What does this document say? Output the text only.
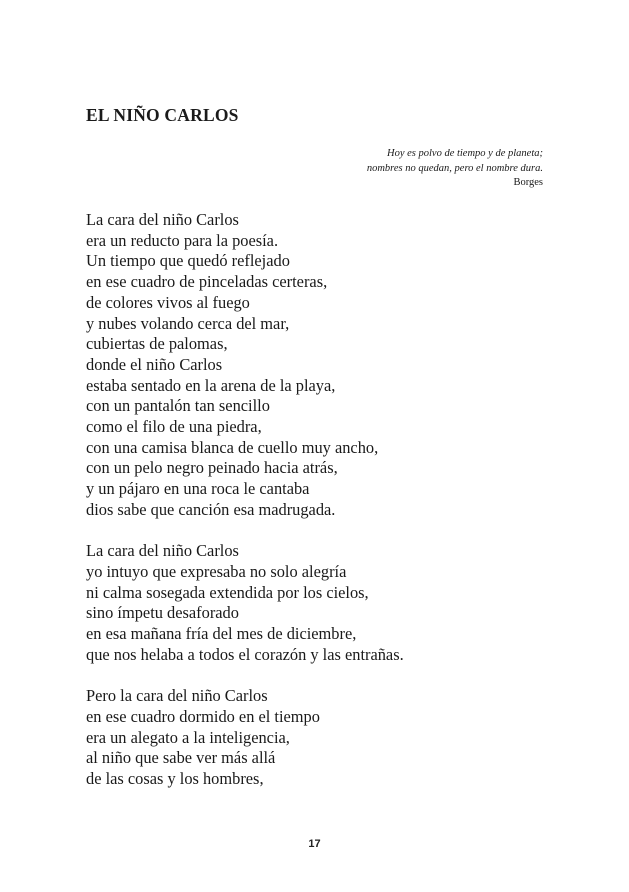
EL NIÑO CARLOS
Hoy es polvo de tiempo y de planeta;
nombres no quedan, pero el nombre dura.
Borges
La cara del niño Carlos
era un reducto para la poesía.
Un tiempo que quedó reflejado
en ese cuadro de pinceladas certeras,
de colores vivos al fuego
y nubes volando cerca del mar,
cubiertas de palomas,
donde el niño Carlos
estaba sentado en la arena de la playa,
con un pantalón tan sencillo
como el filo de una piedra,
con una camisa blanca de cuello muy ancho,
con un pelo negro peinado hacia atrás,
y un pájaro en una roca le cantaba
dios sabe que canción esa madrugada.
La cara del niño Carlos
yo intuyo que expresaba no solo alegría
ni calma sosegada extendida por los cielos,
sino ímpetu desaforado
en esa mañana fría del mes de diciembre,
que nos helaba a todos el corazón y las entrañas.
Pero la cara del niño Carlos
en ese cuadro dormido en el tiempo
era un alegato a la inteligencia,
al niño que sabe ver más allá
de las cosas y los hombres,
17
